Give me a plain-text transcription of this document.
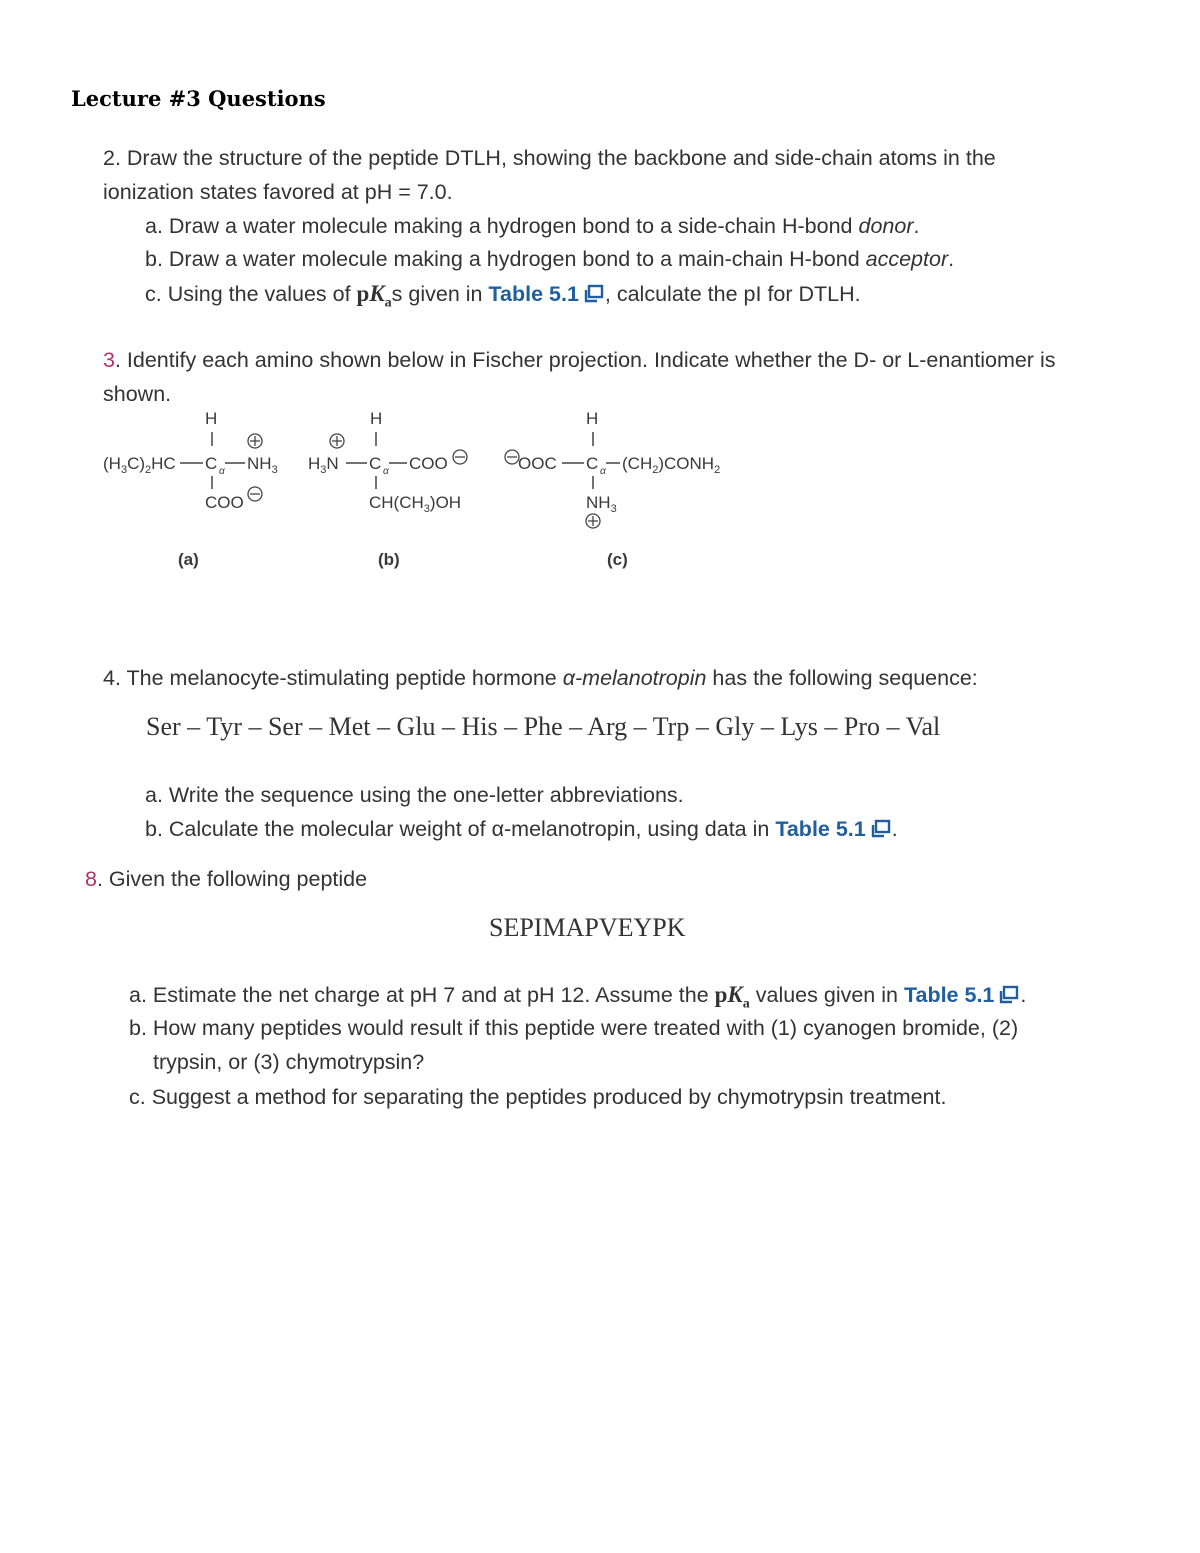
Lecture #3 Questions
2. Draw the structure of the peptide DTLH, showing the backbone and side-chain atoms in the
ionization states favored at pH = 7.0.
a. Draw a water molecule making a hydrogen bond to a side-chain H-bond donor.
b. Draw a water molecule making a hydrogen bond to a main-chain H-bond acceptor.
c. Using the values of $pK_as$ given in Table 5.1 , calculate the pI for DTLH.
3. Identify each amino shown below in Fischer projection. Indicate whether the D- or L-enantiomer is
shown.
H
$(H_3C)_2HC$ C α $NH_3$
COO
(a)
H
$H_3N$ C α COO
$CH(CH_3)OH$
(b)
H
OOC C α $(CH_2)CONH_2$
$NH_3$
(c)
4. The melanocyte-stimulating peptide hormone α-melanotropin has the following sequence:
Ser – Tyr – Ser – Met – Glu – His – Phe – Arg – Trp – Gly – Lys – Pro – Val
a. Write the sequence using the one-letter abbreviations.
b. Calculate the molecular weight of α-melanotropin, using data in Table 5.1 .
8. Given the following peptide
SEPIMAPVEYPK
a. Estimate the net charge at pH 7 and at pH 12. Assume the $pK_a$ values given in Table 5.1 .
b. How many peptides would result if this peptide were treated with (1) cyanogen bromide, (2)
trypsin, or (3) chymotrypsin?
c. Suggest a method for separating the peptides produced by chymotrypsin treatment.
